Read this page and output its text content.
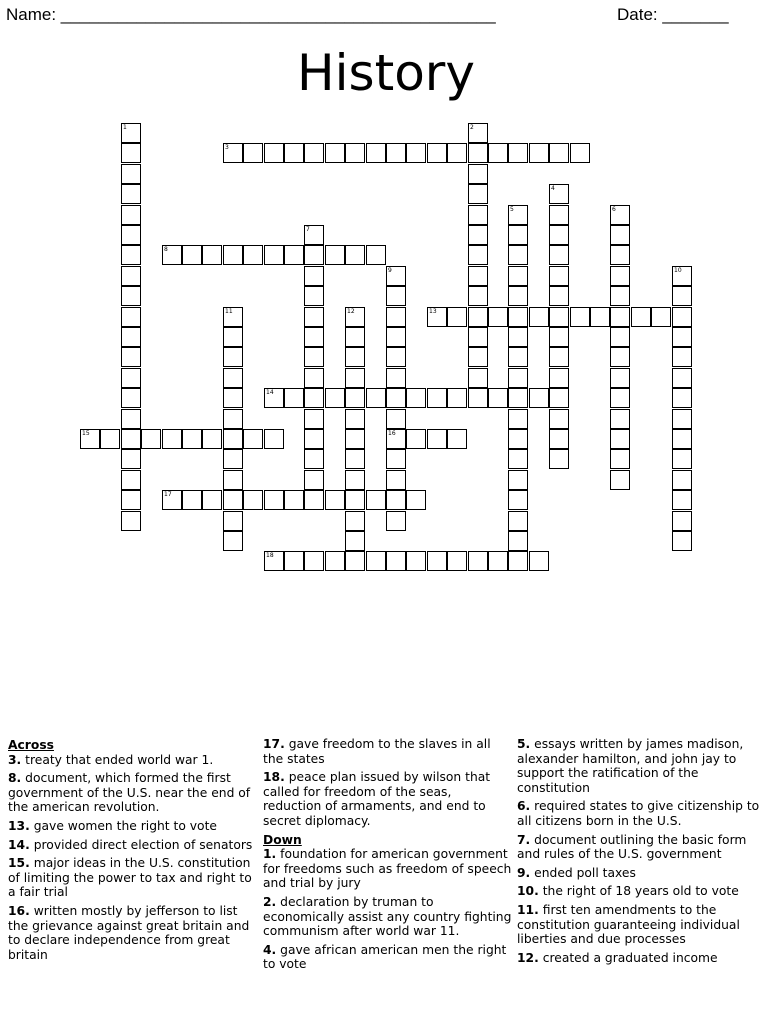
Name: ______________________________________________	Date: _______
History
1	2
3
4
5	6
7
8
9
16
10
11	12	13
14
15
17
18
Across
3. treaty that ended world war 1.
8. document, which formed the first government of the U.S. near the end of the american revolution.
13. gave women the right to vote
14. provided direct election of senators
15. major ideas in the U.S. constitution of limiting the power to tax and right to a fair trial
16. written mostly by jefferson to list the grievance against great britain and to declare independence from great britain
17. gave freedom to the slaves in all the states
18. peace plan issued by wilson that called for freedom of the seas, reduction of armaments, and end to secret diplomacy.
Down
1. foundation for american government for freedoms such as freedom of speech and trial by jury
2. declaration by truman to economically assist any country fighting communism after world war 11.
4. gave african american men the right to vote
5. essays written by james madison, alexander hamilton, and john jay to support the ratification of the constitution
6. required states to give citizenship to all citizens born in the U.S.
7. document outlining the basic form and rules of the U.S. government
9. ended poll taxes
10. the right of 18 years old to vote
11. first ten amendments to the constitution guaranteeing individual liberties and due processes
12. created a graduated income
